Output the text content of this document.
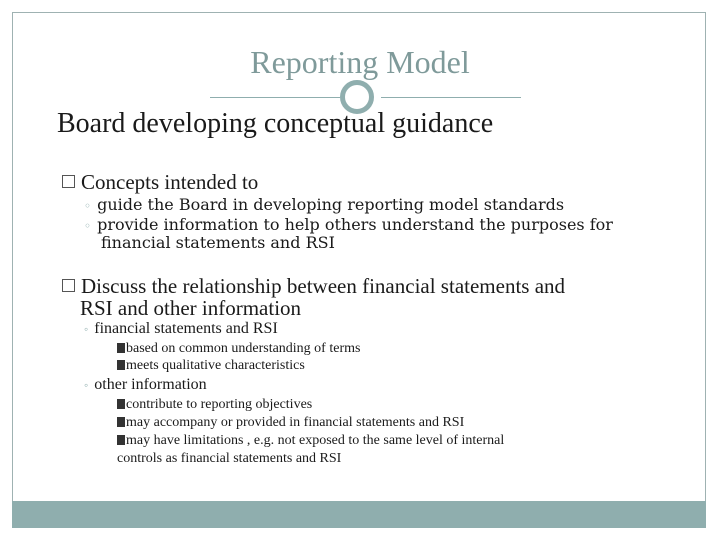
Reporting Model
Board developing conceptual guidance
Concepts intended to
◦ guide the Board in developing reporting model standards
◦ provide information to help others understand the purposes for
financial statements and RSI
Discuss the relationship between financial statements and
RSI and other information
◦ financial statements and RSI
based on common understanding of terms
meets qualitative characteristics
◦ other information
contribute to reporting objectives
may accompany or provided in financial statements and RSI
may have limitations , e.g. not exposed to the same level of internal
controls as financial statements and RSI
